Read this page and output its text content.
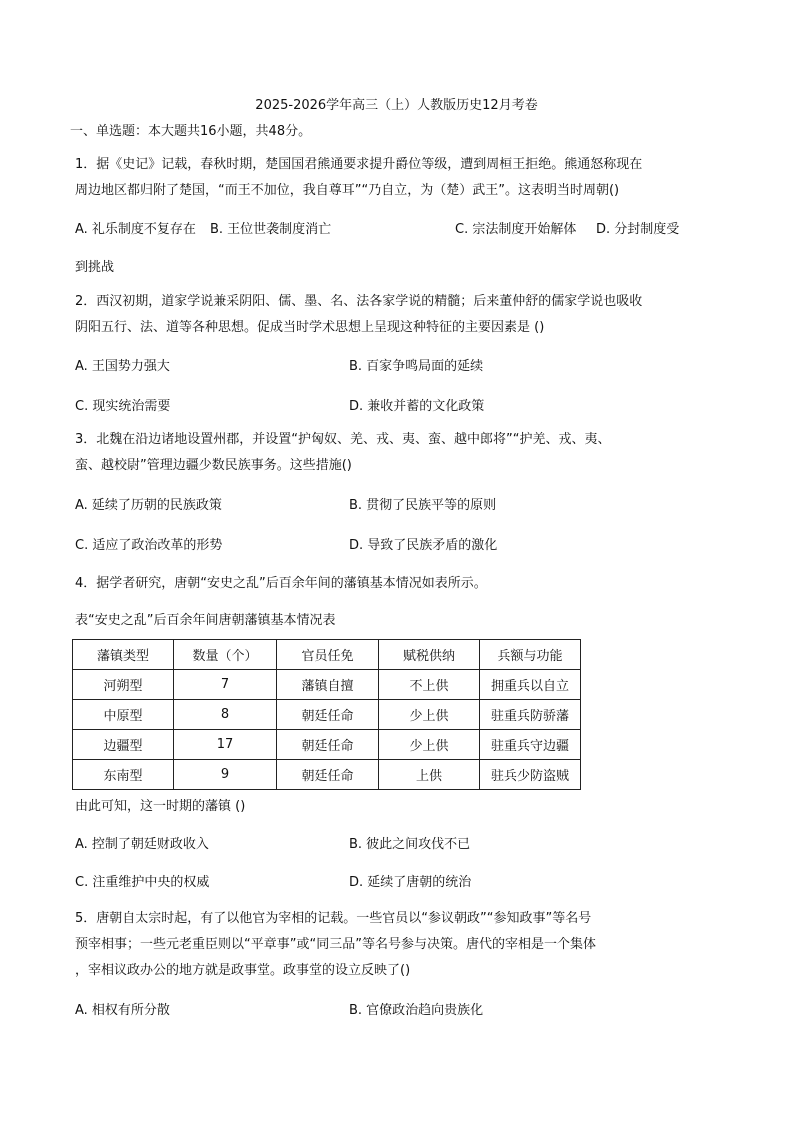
2025-2026学年高三（上）人教版历史12月考卷
一、单选题：本大题共16小题，共48分。
1．据《史记》记载，春秋时期，楚国国君熊通要求提升爵位等级，遭到周桓王拒绝。熊通怒称现在
周边地区都归附了楚国，“而王不加位，我自尊耳”“乃自立，为（楚）武王”。这表明当时周朝()
A. 礼乐制度不复存在 B. 王位世袭制度消亡	C. 宗法制度开始解体 D. 分封制度受
到挑战
2．西汉初期，道家学说兼采阴阳、儒、墨、名、法各家学说的精髓；后来董仲舒的儒家学说也吸收
阴阳五行、法、道等各种思想。促成当时学术思想上呈现这种特征的主要因素是 ()
A. 王国势力强大	B. 百家争鸣局面的延续
C. 现实统治需要	D. 兼收并蓄的文化政策
3．北魏在沿边诸地设置州郡，并设置“护匈奴、羌、戎、夷、蛮、越中郎将”“护羌、戎、夷、
蛮、越校尉”管理边疆少数民族事务。这些措施()
A. 延续了历朝的民族政策	B. 贯彻了民族平等的原则
C. 适应了政治改革的形势	D. 导致了民族矛盾的激化
4．据学者研究，唐朝“安史之乱”后百余年间的藩镇基本情况如表所示。
表“安史之乱”后百余年间唐朝藩镇基本情况表
藩镇类型	数量（个）	官员任免	赋税供纳	兵额与功能
河朔型	7	藩镇自擅	不上供	拥重兵以自立
中原型	8	朝廷任命	少上供	驻重兵防骄藩
边疆型	17	朝廷任命	少上供	驻重兵守边疆
东南型	9	朝廷任命	上供	驻兵少防盗贼
由此可知，这一时期的藩镇 ()
A. 控制了朝廷财政收入	B. 彼此之间攻伐不已
C. 注重维护中央的权威	D. 延续了唐朝的统治
5．唐朝自太宗时起，有了以他官为宰相的记载。一些官员以“参议朝政”“参知政事”等名号
预宰相事；一些元老重臣则以“平章事”或“同三品”等名号参与决策。唐代的宰相是一个集体
，宰相议政办公的地方就是政事堂。政事堂的设立反映了()
A. 相权有所分散	B. 官僚政治趋向贵族化
